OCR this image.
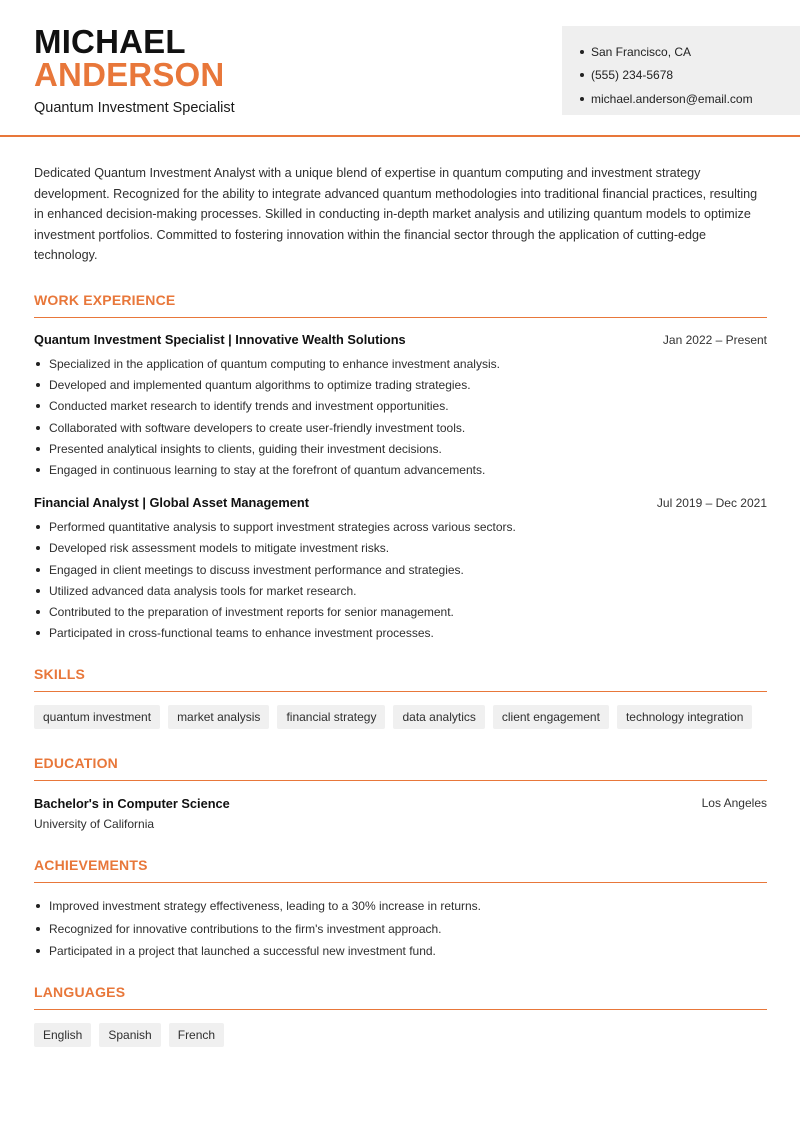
MICHAEL
ANDERSON
Quantum Investment Specialist
San Francisco, CA
(555) 234-5678
michael.anderson@email.com

Dedicated Quantum Investment Analyst with a unique blend of expertise in quantum computing and investment strategy development. Recognized for the ability to integrate advanced quantum methodologies into traditional financial practices, resulting in enhanced decision-making processes. Skilled in conducting in-depth market analysis and utilizing quantum models to optimize investment portfolios. Committed to fostering innovation within the financial sector through the application of cutting-edge technology.

WORK EXPERIENCE
Quantum Investment Specialist | Innovative Wealth Solutions	Jan 2022 – Present
Specialized in the application of quantum computing to enhance investment analysis.
Developed and implemented quantum algorithms to optimize trading strategies.
Conducted market research to identify trends and investment opportunities.
Collaborated with software developers to create user-friendly investment tools.
Presented analytical insights to clients, guiding their investment decisions.
Engaged in continuous learning to stay at the forefront of quantum advancements.
Financial Analyst | Global Asset Management	Jul 2019 – Dec 2021
Performed quantitative analysis to support investment strategies across various sectors.
Developed risk assessment models to mitigate investment risks.
Engaged in client meetings to discuss investment performance and strategies.
Utilized advanced data analysis tools for market research.
Contributed to the preparation of investment reports for senior management.
Participated in cross-functional teams to enhance investment processes.
SKILLS
quantum investment	market analysis	financial strategy	data analytics	client engagement	technology integration
EDUCATION
Bachelor's in Computer Science	Los Angeles
University of California
ACHIEVEMENTS
Improved investment strategy effectiveness, leading to a 30% increase in returns.
Recognized for innovative contributions to the firm's investment approach.
Participated in a project that launched a successful new investment fund.
LANGUAGES
English	Spanish	French
